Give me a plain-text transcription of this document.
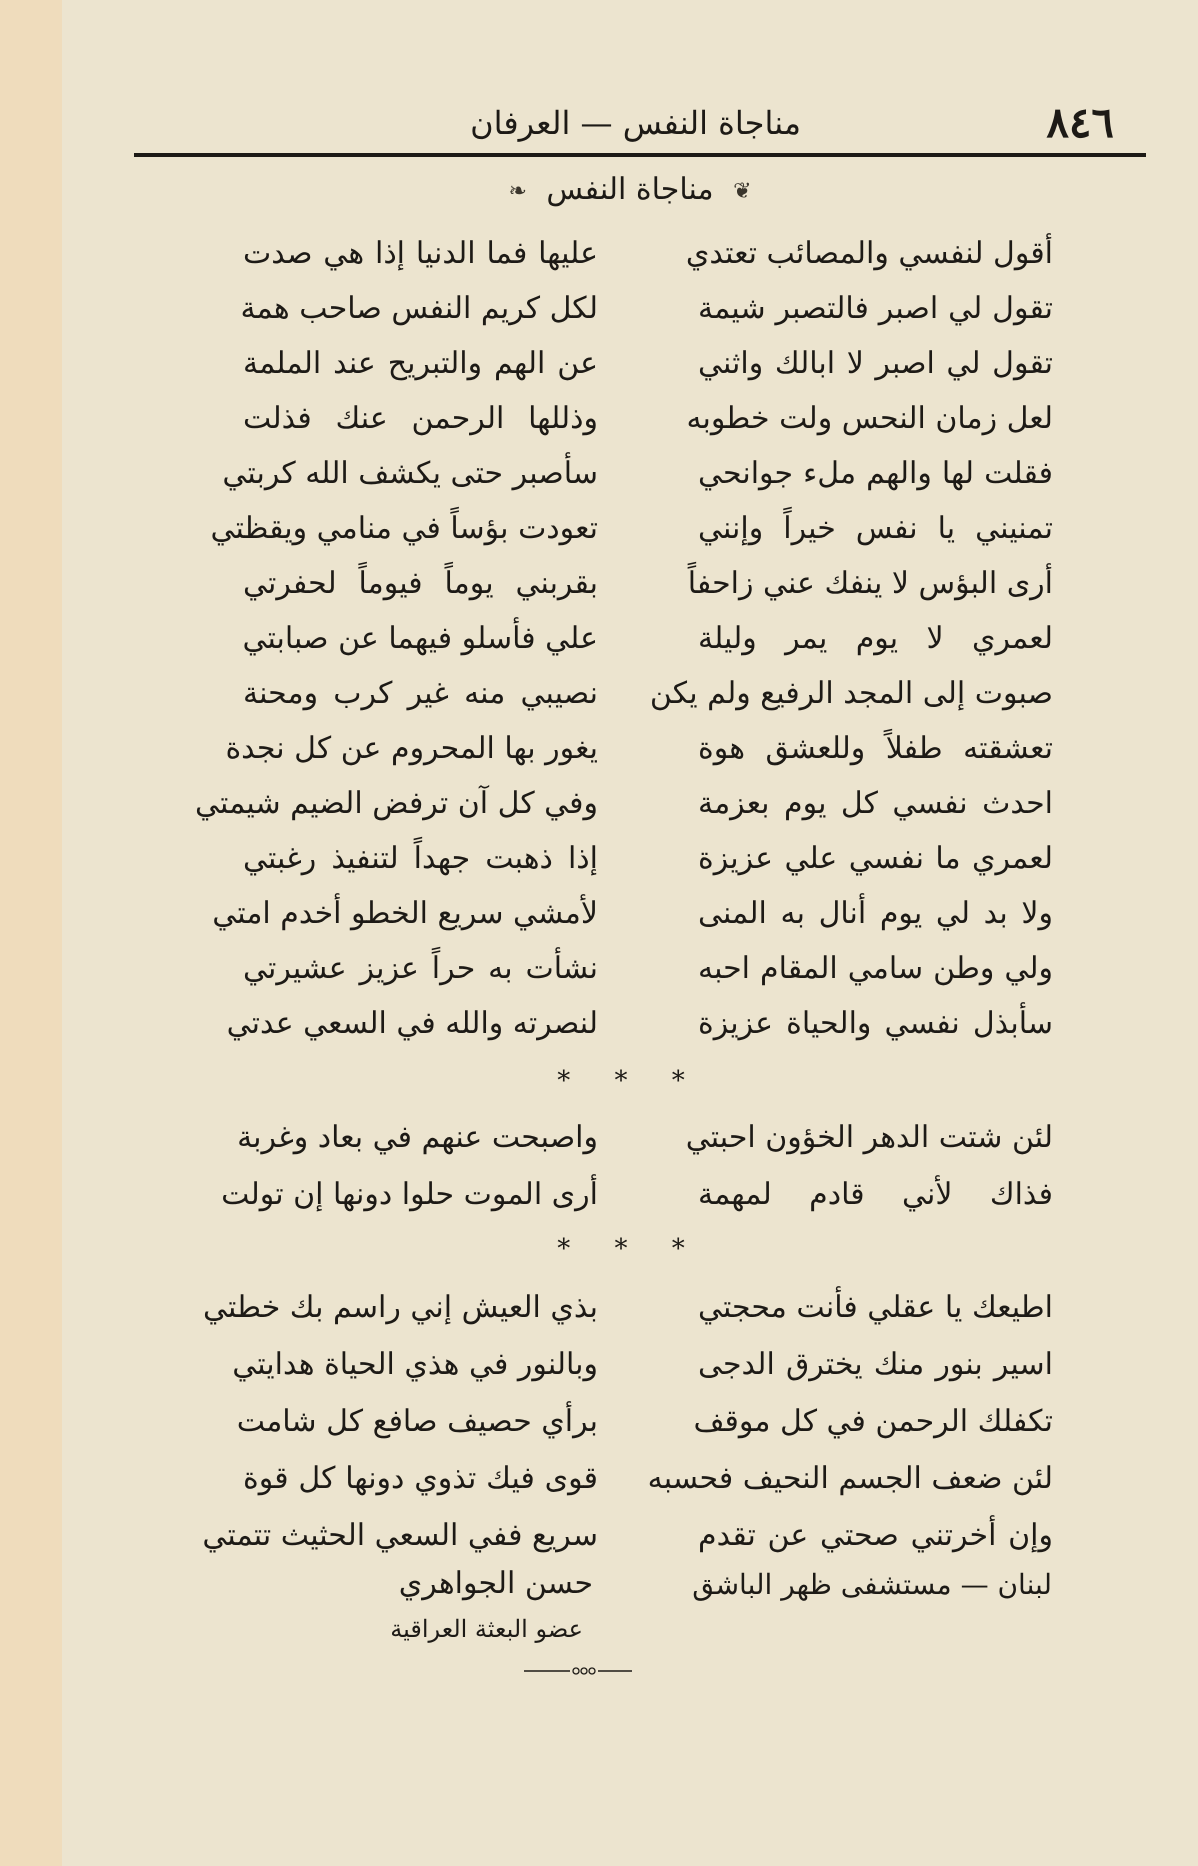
٨٤٦
مناجاة النفس — العرفان
❦ مناجاة النفس ❧
أقول لنفسي والمصائب تعتدي
عليها فما الدنيا إذا هي صدت
تقول لي اصبر فالتصبر شيمة
لكل كريم النفس صاحب همة
تقول لي اصبر لا ابالك واثني
عن الهم والتبريح عند الملمة
لعل زمان النحس ولت خطوبه
وذللها الرحمن عنك فذلت
فقلت لها والهم ملء جوانحي
سأصبر حتى يكشف الله كربتي
تمنيني يا نفس خيراً وإنني
تعودت بؤساً في منامي ويقظتي
أرى البؤس لا ينفك عني زاحفاً
بقربني يوماً فيوماً لحفرتي
لعمري لا يوم يمر وليلة
علي فأسلو فيهما عن صبابتي
صبوت إلى المجد الرفيع ولم يكن
نصيبي منه غير كرب ومحنة
تعشقته طفلاً وللعشق هوة
يغور بها المحروم عن كل نجدة
احدث نفسي كل يوم بعزمة
وفي كل آن ترفض الضيم شيمتي
لعمري ما نفسي علي عزيزة
إذا ذهبت جهداً لتنفيذ رغبتي
ولا بد لي يوم أنال به المنى
لأمشي سريع الخطو أخدم امتي
ولي وطن سامي المقام احبه
نشأت به حراً عزيز عشيرتي
سأبذل نفسي والحياة عزيزة
لنصرته والله في السعي عدتي
* * *
لئن شتت الدهر الخؤون احبتي
واصبحت عنهم في بعاد وغربة
فذاك لأني قادم لمهمة
أرى الموت حلوا دونها إن تولت
* * *
اطيعك يا عقلي فأنت محجتي
بذي العيش إني راسم بك خطتي
اسير بنور منك يخترق الدجى
وبالنور في هذي الحياة هدايتي
تكفلك الرحمن في كل موقف
برأي حصيف صافع كل شامت
لئن ضعف الجسم النحيف فحسبه
قوى فيك تذوي دونها كل قوة
وإن أخرتني صحتي عن تقدم
سريع ففي السعي الحثيث تتمتي
لبنان — مستشفى ظهر الباشق
حسن الجواهري
عضو البعثة العراقية
